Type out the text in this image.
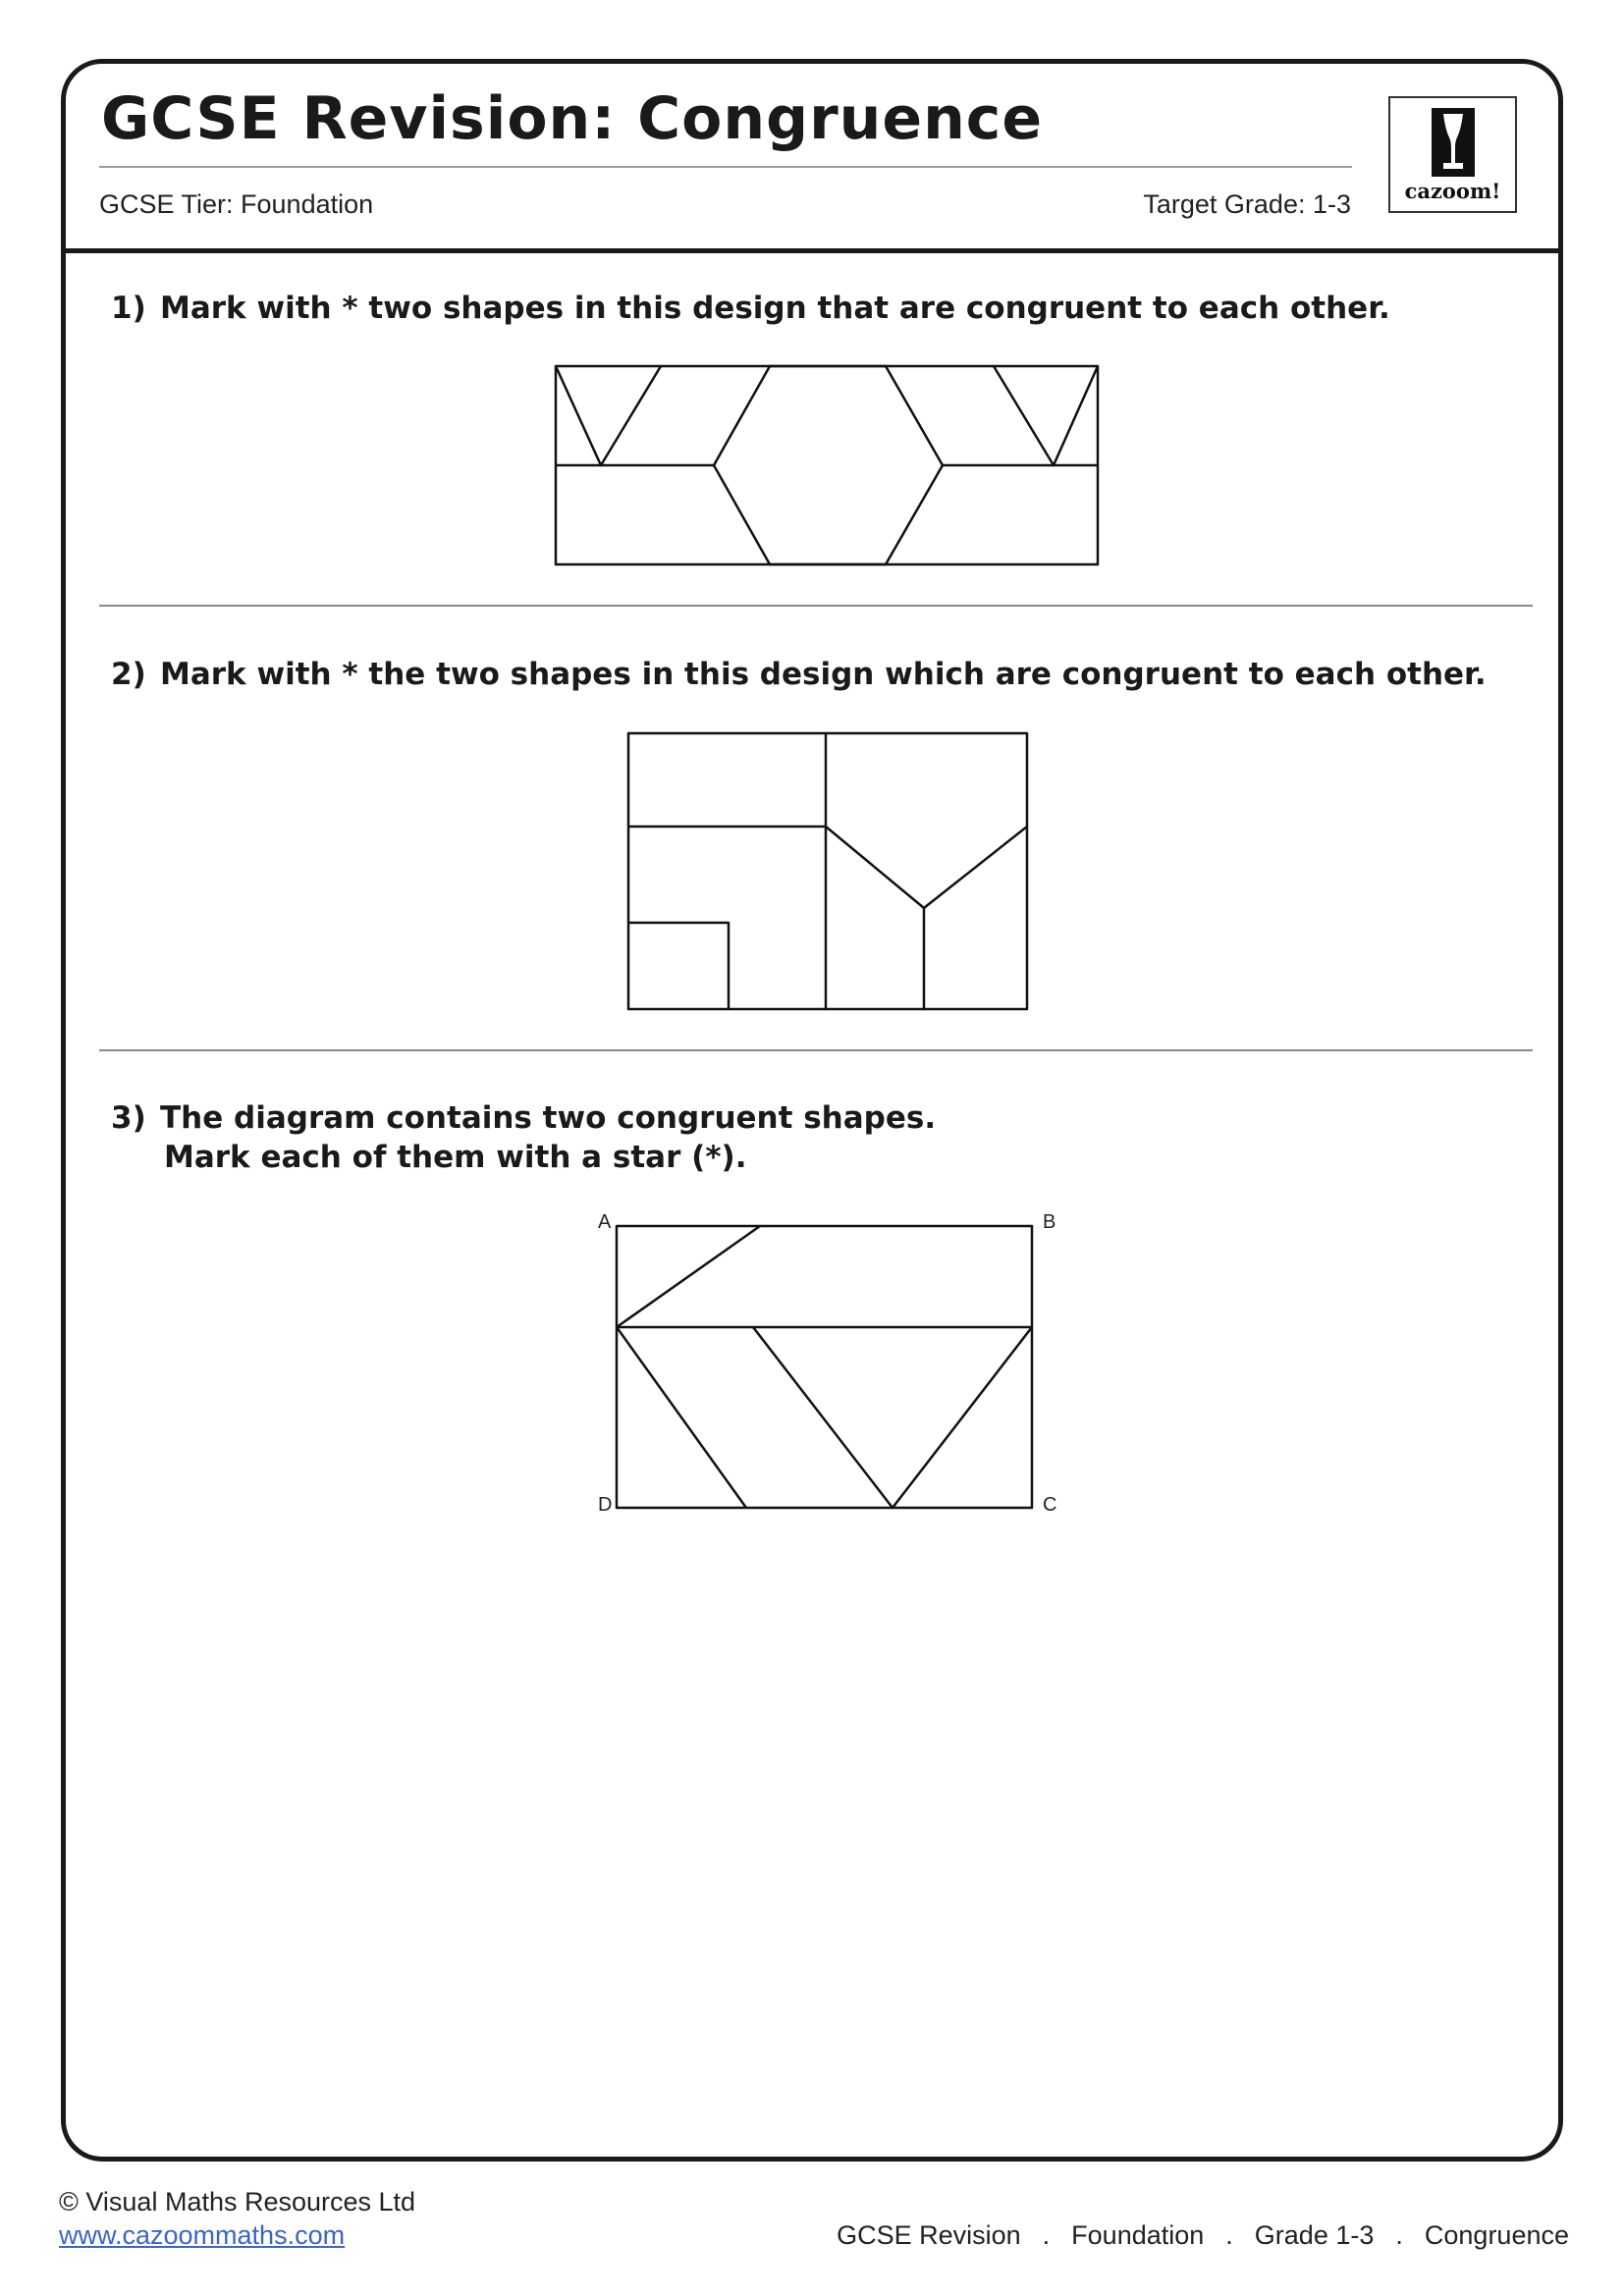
GCSE Revision: Congruence
GCSE Tier: Foundation	Target Grade: 1-3	cazoom!
1) Mark with * two shapes in this design that are congruent to each other.
2) Mark with * the two shapes in this design which are congruent to each other.
3) The diagram contains two congruent shapes.
Mark each of them with a star (*).
A	B
D	C
© Visual Maths Resources Ltd
www.cazoommaths.com	GCSE Revision . Foundation . Grade 1-3 . Congruence
